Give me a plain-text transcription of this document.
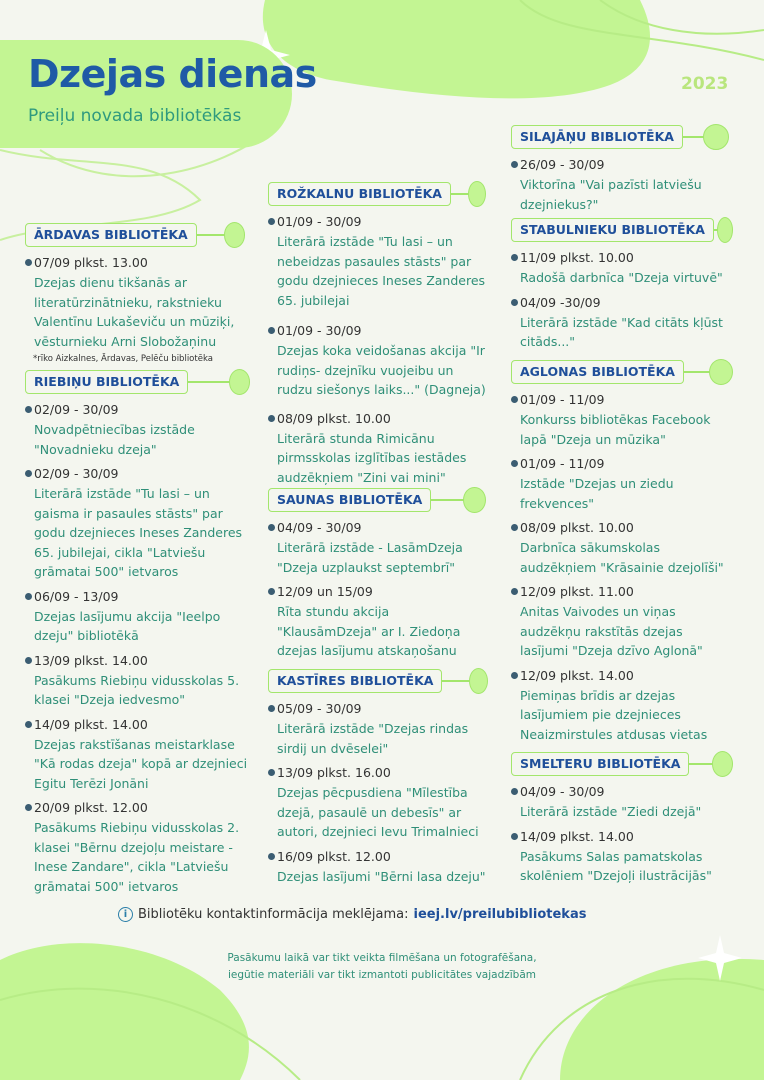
Dzejas dienas
Preiļu novada bibliotēkās
2023
ĀRDAVAS BIBLIOTĒKA
07/09 plkst. 13.00
Dzejas dienu tikšanās ar literatūrzinātnieku, rakstnieku Valentīnu Lukaševiču un mūziķi, vēsturnieku Arni Slobožaņinu
*rīko Aizkalnes, Ārdavas, Pelēču bibliotēka
RIEBIŅU BIBLIOTĒKA
02/09 - 30/09
Novadpētniecības izstāde "Novadnieku dzeja"
02/09 - 30/09
Literārā izstāde "Tu lasi – un gaisma ir pasaules stāsts" par godu dzejnieces Ineses Zanderes 65. jubilejai, cikla "Latviešu grāmatai 500" ietvaros
06/09 - 13/09
Dzejas lasījumu akcija "Ieelpo dzeju" bibliotēkā
13/09 plkst. 14.00
Pasākums Riebiņu vidusskolas 5. klasei "Dzeja iedvesmo"
14/09 plkst. 14.00
Dzejas rakstīšanas meistarklase "Kā rodas dzeja" kopā ar dzejnieci Egitu Terēzi Jonāni
20/09 plkst. 12.00
Pasākums Riebiņu vidusskolas 2. klasei "Bērnu dzejoļu meistare - Inese Zandare", cikla "Latviešu grāmatai 500" ietvaros
ROŽKALNU BIBLIOTĒKA
01/09 - 30/09
Literārā izstāde "Tu lasi – un nebeidzas pasaules stāsts" par godu dzejnieces Ineses Zanderes 65. jubilejai
01/09 - 30/09
Dzejas koka veidošanas akcija "Ir rudiņs- dzejnīku vuojeibu un rudzu siešonys laiks..." (Dagneja)
08/09 plkst. 10.00
Literārā stunda Rimicānu pirmsskolas izglītības iestādes audzēkņiem "Zini vai mini"
SAUNAS BIBLIOTĒKA
04/09 - 30/09
Literārā izstāde - LasāmDzeja "Dzeja uzplaukst septembrī"
12/09 un 15/09
Rīta stundu akcija "KlausāmDzeja" ar I. Ziedoņa dzejas lasījumu atskaņošanu
KASTĪRES BIBLIOTĒKA
05/09 - 30/09
Literārā izstāde "Dzejas rindas sirdij un dvēselei"
13/09 plkst. 16.00
Dzejas pēcpusdiena "Mīlestība dzejā, pasaulē un debesīs" ar autori, dzejnieci Ievu Trimalnieci
16/09 plkst. 12.00
Dzejas lasījumi "Bērni lasa dzeju"
SILAJĀŅU BIBLIOTĒKA
26/09 - 30/09
Viktorīna "Vai pazīsti latviešu dzejniekus?"
STABULNIEKU BIBLIOTĒKA
11/09 plkst. 10.00
Radošā darbnīca "Dzeja virtuvē"
04/09 -30/09
Literārā izstāde "Kad citāts kļūst citāds..."
AGLONAS BIBLIOTĒKA
01/09 - 11/09
Konkurss bibliotēkas Facebook lapā "Dzeja un mūzika"
01/09 - 11/09
Izstāde "Dzejas un ziedu frekvences"
08/09 plkst. 10.00
Darbnīca sākumskolas audzēkņiem "Krāsainie dzejolīši"
12/09 plkst. 11.00
Anitas Vaivodes un viņas audzēkņu rakstītās dzejas lasījumi "Dzeja dzīvo Aglonā"
12/09 plkst. 14.00
Piemiņas brīdis ar dzejas lasījumiem pie dzejnieces Neaizmirstules atdusas vietas
SMELTERU BIBLIOTĒKA
04/09 - 30/09
Literārā izstāde "Ziedi dzejā"
14/09 plkst. 14.00
Pasākums Salas pamatskolas skolēniem "Dzejoļi ilustrācijās"
i Bibliotēku kontaktinformācija meklējama: ieej.lv/preilubibliotekas
Pasākumu laikā var tikt veikta filmēšana un fotografēšana,
iegūtie materiāli var tikt izmantoti publicitātes vajadzībām
